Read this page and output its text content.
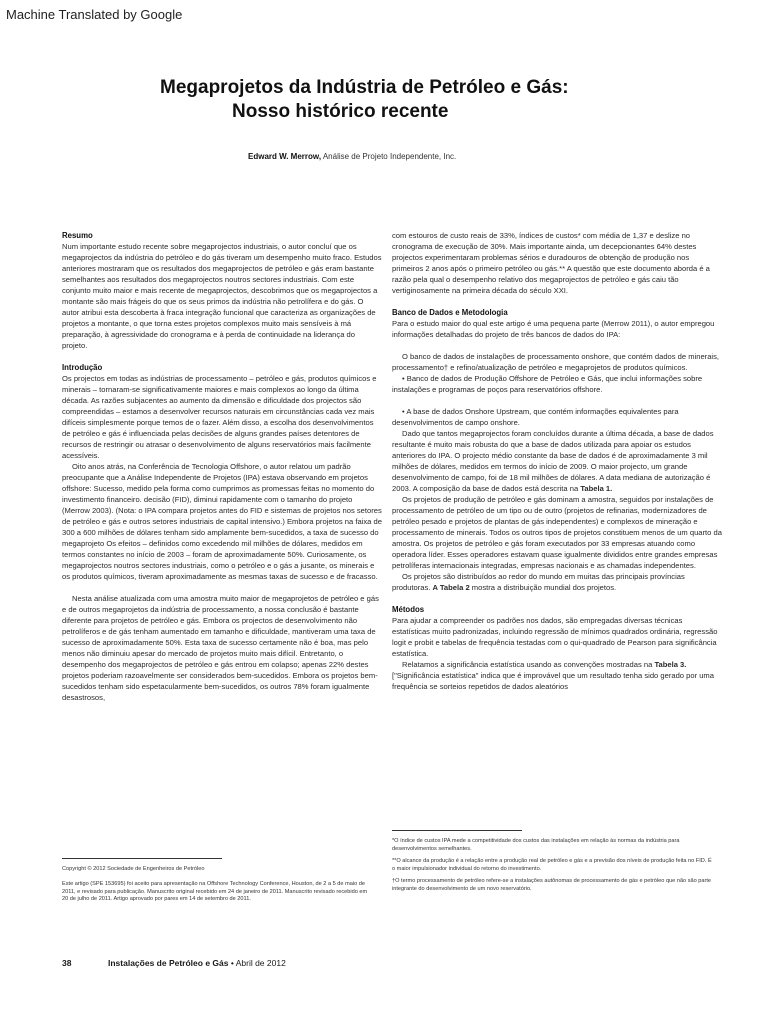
Machine Translated by Google
Megaprojetos da Indústria de Petróleo e Gás:
Nosso histórico recente
Edward W. Merrow, Análise de Projeto Independente, Inc.
Resumo

Num importante estudo recente sobre megaprojectos industriais, o autor concluí que os megaprojectos da indústria do petróleo e do gás tiveram um desempenho muito fraco. Estudos anteriores mostraram que os resultados dos megaprojectos de petróleo e gás eram bastante semelhantes aos resultados dos megaprojectos noutros sectores industriais. Com este conjunto muito maior e mais recente de megaprojectos, descobrimos que os megaprojectos a montante são mais frágeis do que os seus primos da indústria não petrolífera e do gás. O autor atribui esta descoberta à fraca integração funcional que caracteriza as organizações de projetos a montante, o que torna estes projetos complexos muito mais sensíveis à má preparação, à agressividade do cronograma e à perda de continuidade na liderança do projeto.

Introdução

Os projectos em todas as indústrias de processamento – petróleo e gás, produtos químicos e minerais – tornaram-se significativamente maiores e mais complexos ao longo da última década. As razões subjacentes ao aumento da dimensão e dificuldade dos projectos são compreendidas – estamos a desenvolver recursos naturais em circunstâncias cada vez mais difíceis simplesmente porque temos de o fazer. Além disso, a escolha dos desenvolvimentos de petróleo e gás é influenciada pelas decisões de alguns grandes países detentores de recursos de restringir ou atrasar o desenvolvimento de alguns reservatórios mais facilmente acessíveis.

Oito anos atrás, na Conferência de Tecnologia Offshore, o autor relatou um padrão preocupante que a Análise Independente de Projetos (IPA) estava observando em projetos offshore: Sucesso, medido pela forma como cumprimos as promessas feitas no momento do investimento financeiro. decisão (FID), diminui rapidamente com o tamanho do projeto (Merrow 2003). (Nota: o IPA compara projetos antes do FID e sistemas de projetos nos setores de petróleo e gás e outros setores industriais de capital intensivo.) Embora projetos na faixa de 300 a 600 milhões de dólares tenham sido amplamente bem-sucedidos, a taxa de sucesso do megaprojeto Os efeitos – definidos como excedendo mil milhões de dólares, medidos em termos constantes no início de 2003 – foram de aproximadamente 50%. Curiosamente, os megaprojectos noutros sectores industriais, como o petróleo e o gás a jusante, os minerais e os produtos químicos, tiveram aproximadamente as mesmas taxas de sucesso e de fracasso.

Nesta análise atualizada com uma amostra muito maior de megaprojetos de petróleo e gás e de outros megaprojetos da indústria de processamento, a nossa conclusão é bastante diferente para projetos de petróleo e gás. Embora os projectos de desenvolvimento não petrolíferos e de gás tenham aumentado em tamanho e dificuldade, mantiveram uma taxa de sucesso de aproximadamente 50%. Esta taxa de sucesso certamente não é boa, mas pelo menos não diminuiu apesar do mercado de projetos muito mais difícil. Entretanto, o desempenho dos megaprojectos de petróleo e gás entrou em colapso; apenas 22% destes projetos poderiam razoavelmente ser considerados bem-sucedidos. Embora os projetos bem-sucedidos tenham sido espetacularmente bem-sucedidos, os outros 78% foram igualmente desastrosos,

com estouros de custo reais de 33%, índices de custos* com média de 1,37 e deslize no cronograma de execução de 30%. Mais importante ainda, um decepcionantes 64% destes projectos experimentaram problemas sérios e duradouros de obtenção de produção nos primeiros 2 anos após o primeiro petróleo ou gás.** A questão que este documento aborda é a razão pela qual o desempenho relativo dos megaprojectos de petróleo e gás caiu tão vertiginosamente na primeira década do século XXI.

Banco de Dados e Metodologia

Para o estudo maior do qual este artigo é uma pequena parte (Merrow 2011), o autor empregou informações detalhadas do projeto de três bancos de dados do IPA:

O banco de dados de instalações de processamento onshore, que contém dados de minerais, processamento† e refino/atualização de petróleo e megaprojetos de produtos químicos.

• Banco de dados de Produção Offshore de Petróleo e Gás, que inclui informações sobre instalações e programas de poços para reservatórios offshore.

• A base de dados Onshore Upstream, que contém informações equivalentes para desenvolvimentos de campo onshore.

Dado que tantos megaprojectos foram concluídos durante a última década, a base de dados resultante é muito mais robusta do que a base de dados utilizada para apoiar os estudos anteriores do IPA. O projecto médio constante da base de dados é de aproximadamente 3 mil milhões de dólares, medidos em termos do início de 2009. O maior projecto, um grande desenvolvimento de campo, foi de 18 mil milhões de dólares. A data mediana de autorização é 2003. A composição da base de dados está descrita na Tabela 1.

Os projetos de produção de petróleo e gás dominam a amostra, seguidos por instalações de processamento de petróleo de um tipo ou de outro (projetos de refinarias, modernizadores de petróleo pesado e projetos de plantas de gás independentes) e complexos de mineração e processamento de minerais. Todos os outros tipos de projetos constituem menos de um quarto da amostra. Os projetos de petróleo e gás foram executados por 33 empresas atuando como operadora líder. Esses operadores estavam quase igualmente divididos entre grandes empresas petrolíferas internacionais integradas, empresas nacionais e as chamadas independentes.

Os projetos são distribuídos ao redor do mundo em muitas das principais províncias produtoras. A Tabela 2 mostra a distribuição mundial dos projetos.

Métodos

Para ajudar a compreender os padrões nos dados, são empregadas diversas técnicas estatísticas muito padronizadas, incluindo regressão de mínimos quadrados ordinária, regressão logit e probit e tabelas de frequência testadas com o qui-quadrado de Pearson para significância estatística.

Relatamos a significância estatística usando as convenções mostradas na Tabela 3. ["Significância estatística" indica que é improvável que um resultado tenha sido gerado por uma frequência se sorteios repetidos de dados aleatórios

Copyright © 2012 Sociedade de Engenheiros de Petróleo
Este artigo (SPE 153695) foi aceito para apresentação na Offshore Technology Conference, Houston, de 2 a 5 de maio de 2011, e revisado para publicação. Manuscrito original recebido em 24 de janeiro de 2011. Manuscrito revisado recebido em 20 de julho de 2011. Artigo aprovado por pares em 14 de setembro de 2011.
*O índice de custos IPA mede a competitividade dos custos das instalações em relação às normas da indústria para desenvolvimentos semelhantes.
**O alcance da produção é a relação entre a produção real de petróleo e gás e a previsão dos níveis de produção feita no FID. É o maior impulsionador individual do retorno do investimento.
†O termo processamento de petróleo refere-se a instalações autônomas de processamento de gás e petróleo que não são parte integrante do desenvolvimento de um novo reservatório.
38	Instalações de Petróleo e Gás • Abril de 2012
